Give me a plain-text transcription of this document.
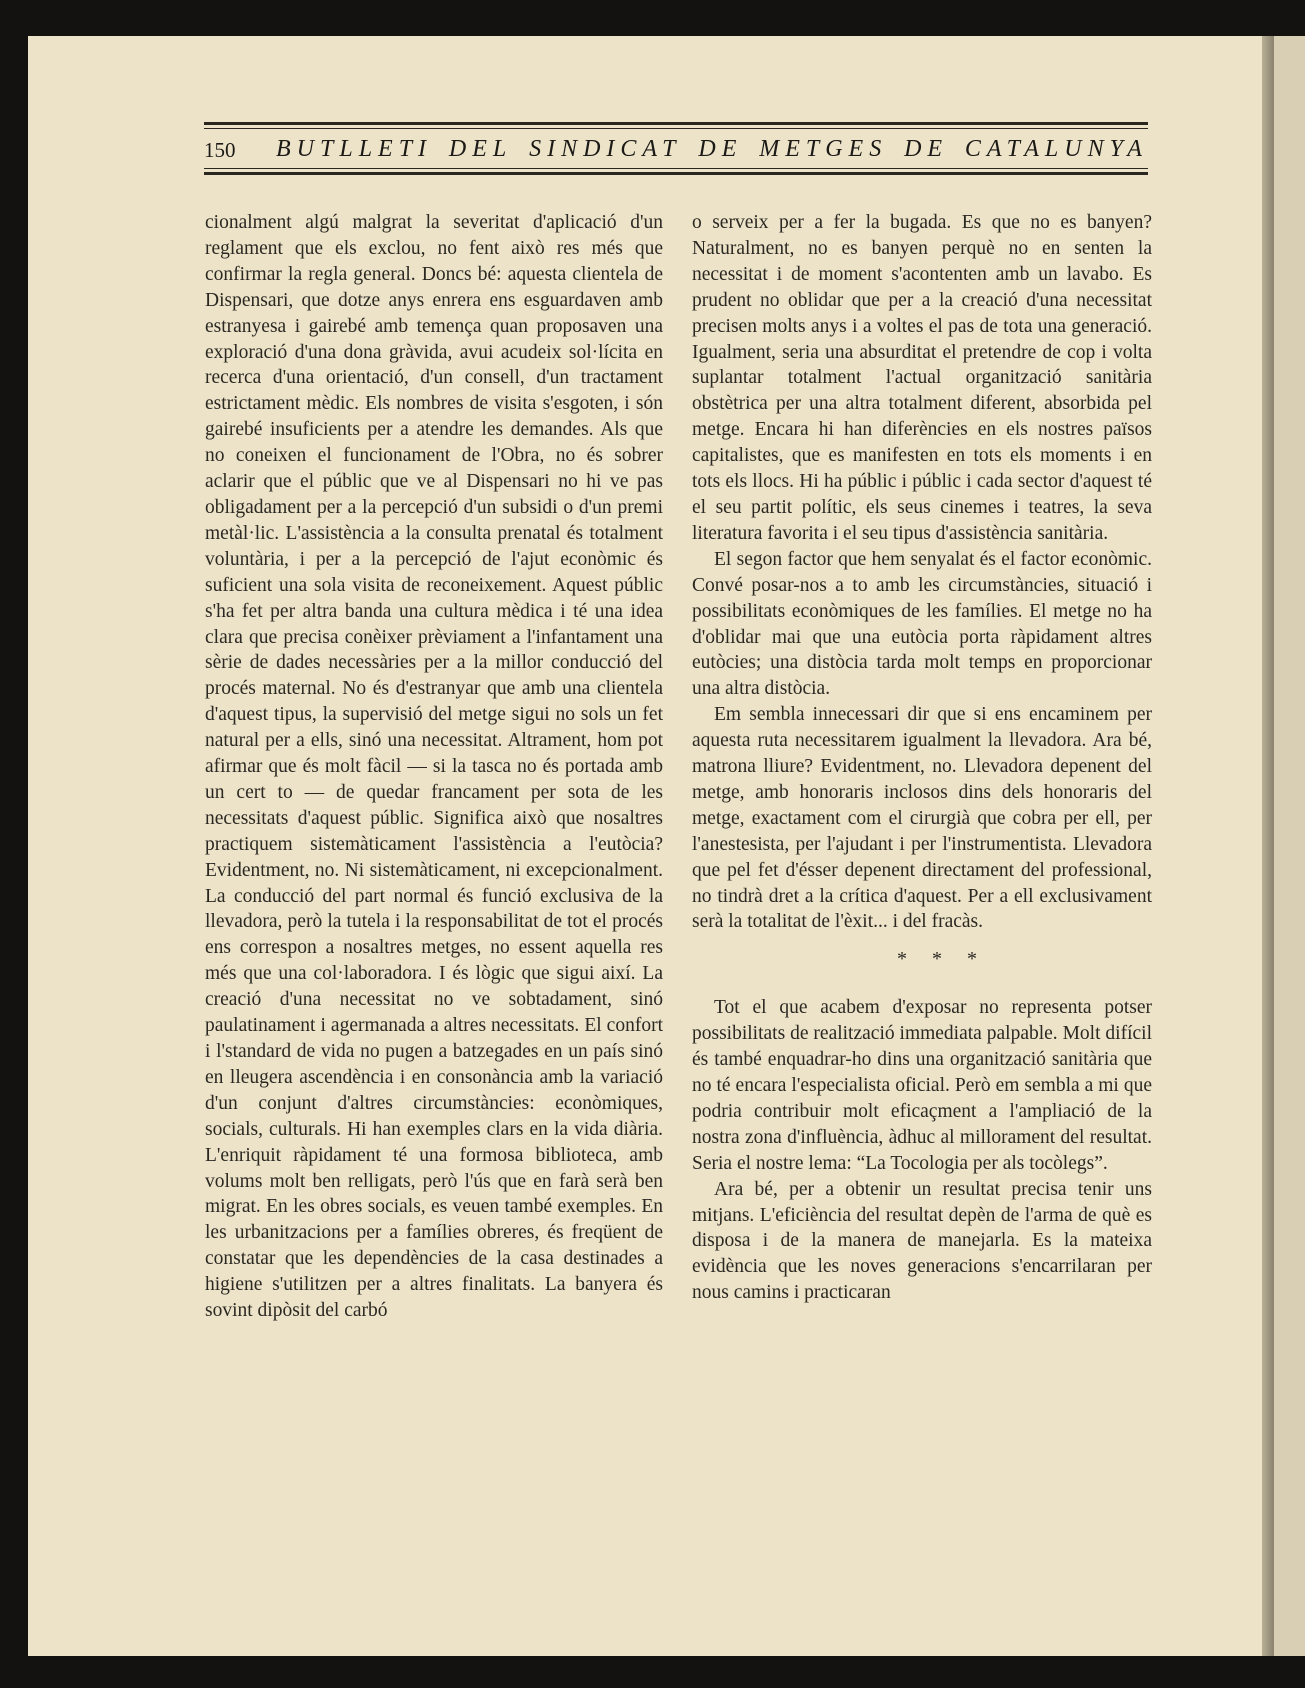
150 BUTLLETI DEL SINDICAT DE METGES DE CATALUNYA

cionalment algú malgrat la severitat d'aplicació d'un reglament que els exclou, no fent això res més que confirmar la regla general. Doncs bé: aquesta clientela de Dispensari, que dotze anys enrera ens esguardaven amb estranyesa i gairebé amb temença quan proposaven una exploració d'una dona gràvida, avui acudeix sol·lícita en recerca d'una orientació, d'un consell, d'un tractament estrictament mèdic. Els nombres de visita s'esgoten, i són gairebé insuficients per a atendre les demandes. Als que no coneixen el funcionament de l'Obra, no és sobrer aclarir que el públic que ve al Dispensari no hi ve pas obligadament per a la percepció d'un subsidi o d'un premi metàl·lic. L'assistència a la consulta prenatal és totalment voluntària, i per a la percepció de l'ajut econòmic és suficient una sola visita de reconeixement. Aquest públic s'ha fet per altra banda una cultura mèdica i té una idea clara que precisa conèixer prèviament a l'infantament una sèrie de dades necessàries per a la millor conducció del procés maternal. No és d'estranyar que amb una clientela d'aquest tipus, la supervisió del metge sigui no sols un fet natural per a ells, sinó una necessitat. Altrament, hom pot afirmar que és molt fàcil — si la tasca no és portada amb un cert to — de quedar francament per sota de les necessitats d'aquest públic. Significa això que nosaltres practiquem sistemàticament l'assistència a l'eutòcia? Evidentment, no. Ni sistemàticament, ni excepcionalment. La conducció del part normal és funció exclusiva de la llevadora, però la tutela i la responsabilitat de tot el procés ens correspon a nosaltres metges, no essent aquella res més que una col·laboradora. I és lògic que sigui així. La creació d'una necessitat no ve sobtadament, sinó paulatinament i agermanada a altres necessitats. El confort i l'standard de vida no pugen a batzegades en un país sinó en lleugera ascendència i en consonància amb la variació d'un conjunt d'altres circumstàncies: econòmiques, socials, culturals. Hi han exemples clars en la vida diària. L'enriquit ràpidament té una formosa biblioteca, amb volums molt ben relligats, però l'ús que en farà serà ben migrat. En les obres socials, es veuen també exemples. En les urbanitzacions per a famílies obreres, és freqüent de constatar que les dependències de la casa destinades a higiene s'utilitzen per a altres finalitats. La banyera és sovint dipòsit del carbó

o serveix per a fer la bugada. Es que no es banyen? Naturalment, no es banyen perquè no en senten la necessitat i de moment s'acontenten amb un lavabo. Es prudent no oblidar que per a la creació d'una necessitat precisen molts anys i a voltes el pas de tota una generació. Igualment, seria una absurditat el pretendre de cop i volta suplantar totalment l'actual organització sanitària obstètrica per una altra totalment diferent, absorbida pel metge. Encara hi han diferències en els nostres països capitalistes, que es manifesten en tots els moments i en tots els llocs. Hi ha públic i públic i cada sector d'aquest té el seu partit polític, els seus cinemes i teatres, la seva literatura favorita i el seu tipus d'assistència sanitària.

El segon factor que hem senyalat és el factor econòmic. Convé posar-nos a to amb les circumstàncies, situació i possibilitats econòmiques de les famílies. El metge no ha d'oblidar mai que una eutòcia porta ràpidament altres eutòcies; una distòcia tarda molt temps en proporcionar una altra distòcia.

Em sembla innecessari dir que si ens encaminem per aquesta ruta necessitarem igualment la llevadora. Ara bé, matrona lliure? Evidentment, no. Llevadora depenent del metge, amb honoraris inclosos dins dels honoraris del metge, exactament com el cirurgià que cobra per ell, per l'anestesista, per l'ajudant i per l'instrumentista. Llevadora que pel fet d'ésser depenent directament del professional, no tindrà dret a la crítica d'aquest. Per a ell exclusivament serà la totalitat de l'èxit... i del fracàs.

* * *

Tot el que acabem d'exposar no representa potser possibilitats de realització immediata palpable. Molt difícil és també enquadrar-ho dins una organització sanitària que no té encara l'especialista oficial. Però em sembla a mi que podria contribuir molt eficaçment a l'ampliació de la nostra zona d'influència, àdhuc al millorament del resultat. Seria el nostre lema: “La Tocologia per als tocòlegs”.

Ara bé, per a obtenir un resultat precisa tenir uns mitjans. L'eficiència del resultat depèn de l'arma de què es disposa i de la manera de manejarla. Es la mateixa evidència que les noves generacions s'encarrilaran per nous camins i practicaran
